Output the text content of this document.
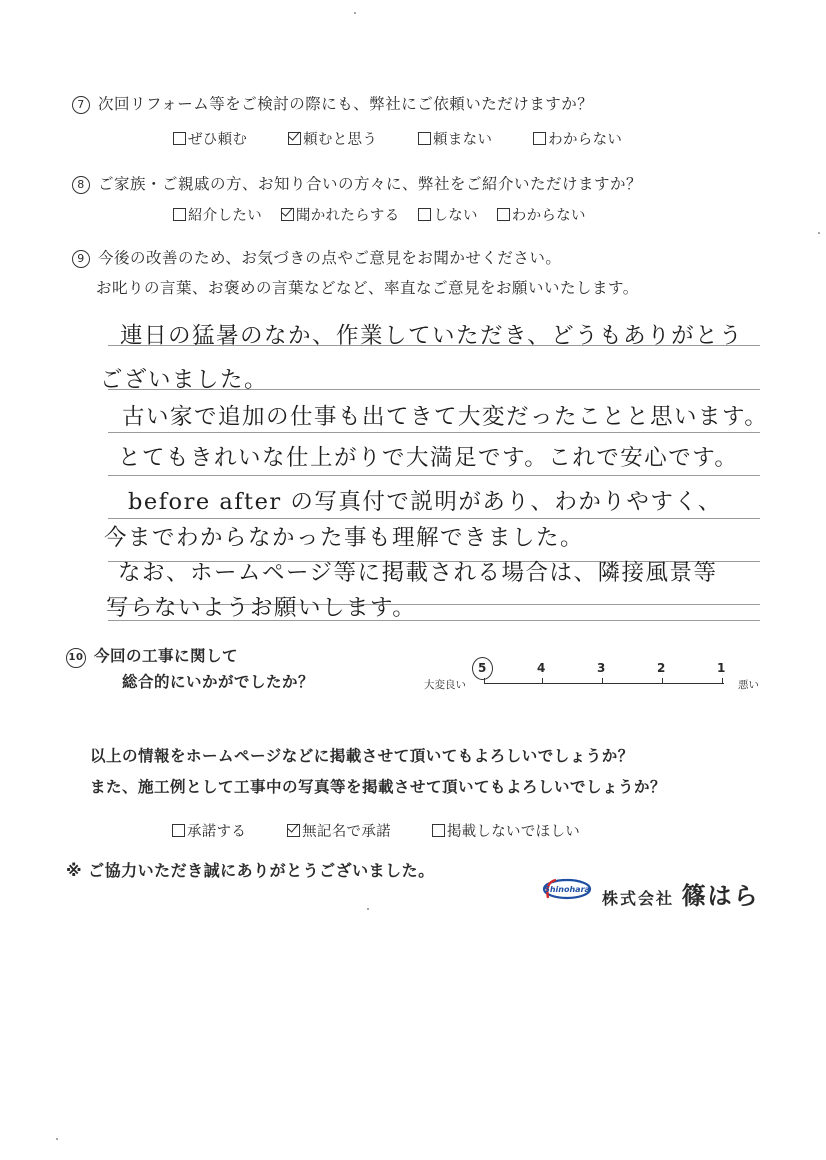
7 次回リフォーム等をご検討の際にも、弊社にご依頼いただけますか？
ぜひ頼む	頼むと思う	頼まない	わからない
8 ご家族・ご親戚の方、お知り合いの方々に、弊社をご紹介いただけますか？
紹介したい 聞かれたらする しない わからない
9 今後の改善のため、お気づきの点やご意見をお聞かせください。
お叱りの言葉、お褒めの言葉などなど、率直なご意見をお願いいたします。
連日の猛暑のなか、作業していただき、どうもありがとう
ございました。
古い家で追加の仕事も出てきて大変だったことと思います。
とてもきれいな仕上がりで大満足です。これで安心です。
before after の写真付で説明があり、わかりやすく、
今までわからなかった事も理解できました。
なお、ホームページ等に掲載される場合は、隣接風景等
写らないようお願いします。
10 今回の工事に関して
総合的にいかがでしたか？	大変良い	悪い
5	4	3	2	1
以上の情報をホームページなどに掲載させて頂いてもよろしいでしょうか？
また、施工例として工事中の写真等を掲載させて頂いてもよろしいでしょうか？
承諾する	無記名で承諾	掲載しないでほしい
※ ご協力いただき誠にありがとうございました。
Shinohara 株式会社 篠はら
